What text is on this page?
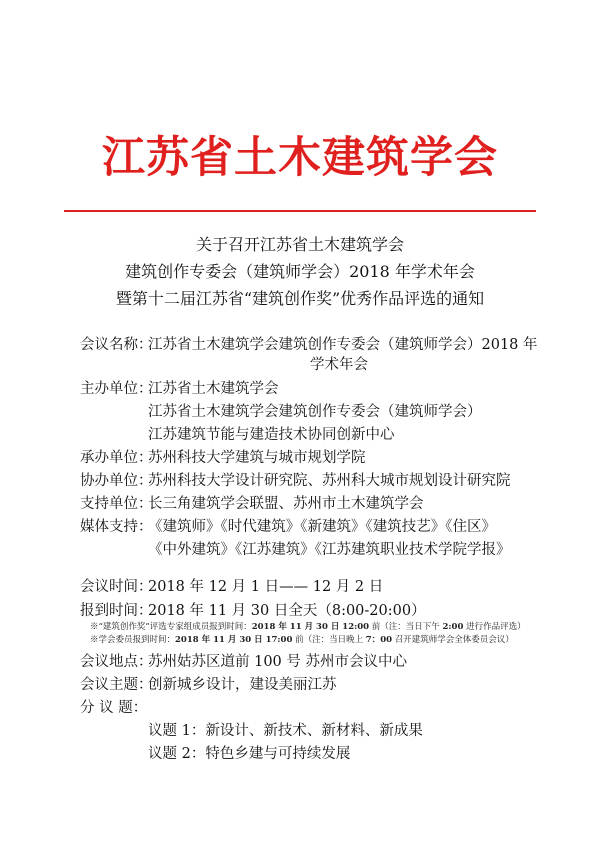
江苏省土木建筑学会
关于召开江苏省土木建筑学会
建筑创作专委会（建筑师学会）2018 年学术年会
暨第十二届江苏省“建筑创作奖”优秀作品评选的通知
会议名称：
江苏省土木建筑学会建筑创作专委会（建筑师学会）2018 年
学术年会
主办单位：
江苏省土木建筑学会
江苏省土木建筑学会建筑创作专委会（建筑师学会）
江苏建筑节能与建造技术协同创新中心
承办单位：
苏州科技大学建筑与城市规划学院
协办单位：
苏州科技大学设计研究院、苏州科大城市规划设计研究院
支持单位：
长三角建筑学会联盟、苏州市土木建筑学会
媒体支持：
《建筑师》《时代建筑》《新建筑》《建筑技艺》《住区》
《中外建筑》《江苏建筑》《江苏建筑职业技术学院学报》
会议时间：
2018 年 12 月 1 日—— 12 月 2 日
报到时间：
2018 年 11 月 30 日全天（8:00-20:00）
※“建筑创作奖”评选专家组成员报到时间：2018 年 11 月 30 日 12:00 前（注：当日下午 2:00 进行作品评选）
※学会委员报到时间：2018 年 11 月 30 日 17:00 前（注：当日晚上 7：00 召开建筑师学会全体委员会议）
会议地点：
苏州姑苏区道前 100 号 苏州市会议中心
会议主题：
创新城乡设计，建设美丽江苏
分 议 题：
议题 1：新设计、新技术、新材料、新成果
议题 2：特色乡建与可持续发展
